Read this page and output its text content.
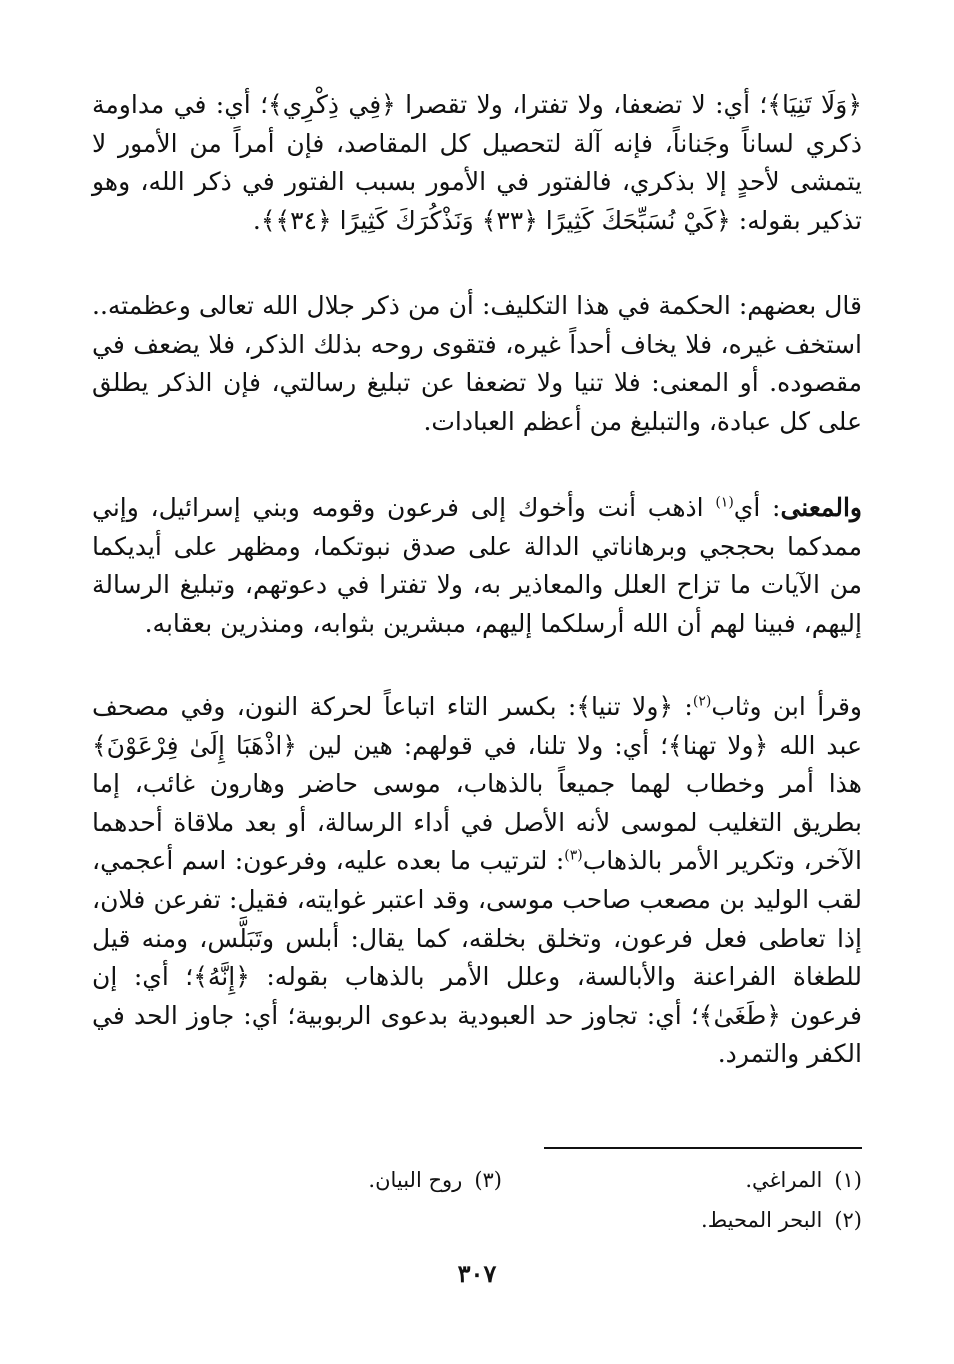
﴿وَلَا تَنِيَا﴾؛ أي: لا تضعفا، ولا تفترا، ولا تقصرا ﴿فِي ذِكْرِي﴾؛ أي: في مداومة ذكري لساناً وجَناناً، فإنه آلة لتحصيل كل المقاصد، فإن أمراً من الأمور لا يتمشى لأحدٍ إلا بذكري، فالفتور في الأمور بسبب الفتور في ذكر الله، وهو تذكير بقوله: ﴿كَيْ نُسَبِّحَكَ كَثِيرًا ﴿٣٣﴾ وَنَذْكُرَكَ كَثِيرًا ﴿٣٤﴾﴾.

قال بعضهم: الحكمة في هذا التكليف: أن من ذكر جلال الله تعالى وعظمته.. استخف غيره، فلا يخاف أحداً غيره، فتقوى روحه بذلك الذكر، فلا يضعف في مقصوده. أو المعنى: فلا تنيا ولا تضعفا عن تبليغ رسالتي، فإن الذكر يطلق على كل عبادة، والتبليغ من أعظم العبادات.

والمعنى: أي$^{(١)}$ اذهب أنت وأخوك إلى فرعون وقومه وبني إسرائيل، وإني ممدكما بحججي وبرهاناتي الدالة على صدق نبوتكما، ومظهر على أيديكما من الآيات ما تزاح العلل والمعاذير به، ولا تفترا في دعوتهم، وتبليغ الرسالة إليهم، فبينا لهم أن الله أرسلكما إليهم، مبشرين بثوابه، ومنذرين بعقابه.

وقرأ ابن وثاب$^{(٢)}$: ﴿ولا تنيا﴾: بكسر التاء اتباعاً لحركة النون، وفي مصحف عبد الله ﴿ولا تهنا﴾؛ أي: ولا تلنا، في قولهم: هين لين ﴿اذْهَبَا إِلَىٰ فِرْعَوْنَ﴾ هذا أمر وخطاب لهما جميعاً بالذهاب، موسى حاضر وهارون غائب، إما بطريق التغليب لموسى لأنه الأصل في أداء الرسالة، أو بعد ملاقاة أحدهما الآخر، وتكرير الأمر بالذهاب$^{(٣)}$: لترتيب ما بعده عليه، وفرعون: اسم أعجمي، لقب الوليد بن مصعب صاحب موسى، وقد اعتبر غوايته، فقيل: تفرعن فلان، إذا تعاطى فعل فرعون، وتخلق بخلقه، كما يقال: أبلس وتَبَلَّس، ومنه قيل للطغاة الفراعنة والأبالسة، وعلل الأمر بالذهاب بقوله: ﴿إِنَّهُ﴾؛ أي: إن فرعون ﴿طَغَىٰ﴾؛ أي: تجاوز حد العبودية بدعوى الربوبية؛ أي: جاوز الحد في الكفر والتمرد.

(١)المراغي.
(٣)روح البيان.
(٢)البحر المحيط.
٣٠٧
